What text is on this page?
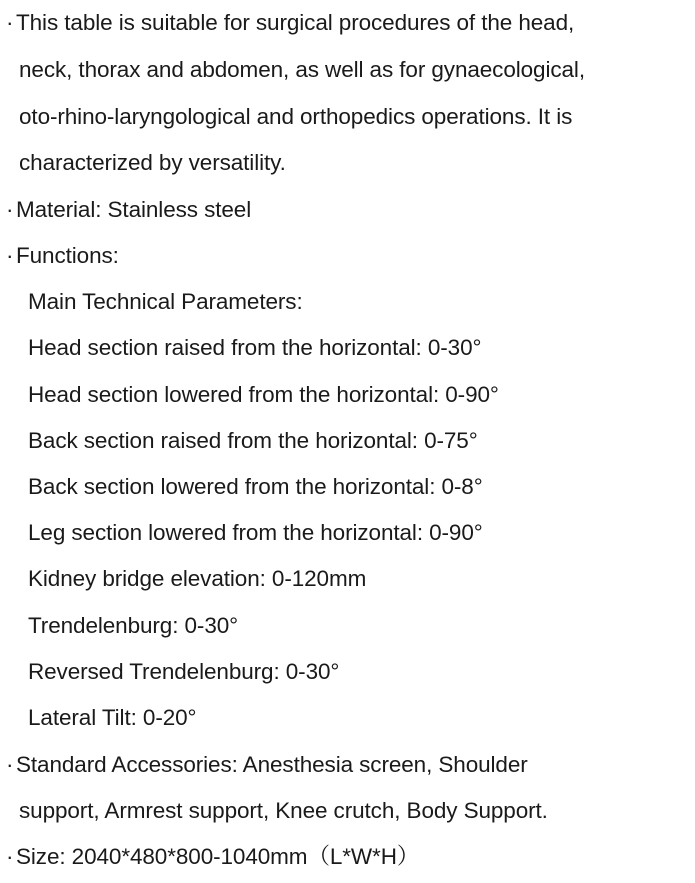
· This table is suitable for surgical procedures of the head,
neck, thorax and abdomen, as well as for gynaecological,
oto-rhino-laryngological and orthopedics operations. It is
characterized by versatility.
· Material: Stainless steel
· Functions:
Main Technical Parameters:
Head section raised from the horizontal: 0-30°
Head section lowered from the horizontal: 0-90°
Back section raised from the horizontal: 0-75°
Back section lowered from the horizontal: 0-8°
Leg section lowered from the horizontal: 0-90°
Kidney bridge elevation: 0-120mm
Trendelenburg: 0-30°
Reversed Trendelenburg: 0-30°
Lateral Tilt: 0-20°
· Standard Accessories: Anesthesia screen, Shoulder
support, Armrest support, Knee crutch, Body Support.
· Size: 2040*480*800-1040mm（L*W*H）
